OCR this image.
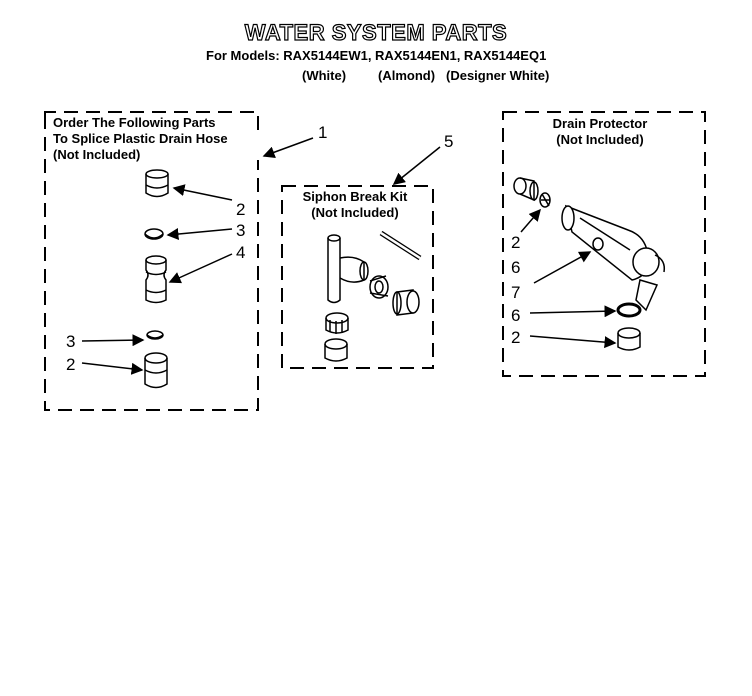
WATER SYSTEM PARTS
For Models: RAX5144EW1, RAX5144EN1, RAX5144EQ1
(White) (Almond) (Designer White)
Order The Following Parts
To Splice Plastic Drain Hose
(Not Included)
Siphon Break Kit
(Not Included)
Drain Protector
(Not Included)
1
2
3
4
3
2
5
2
6
7
6
2
